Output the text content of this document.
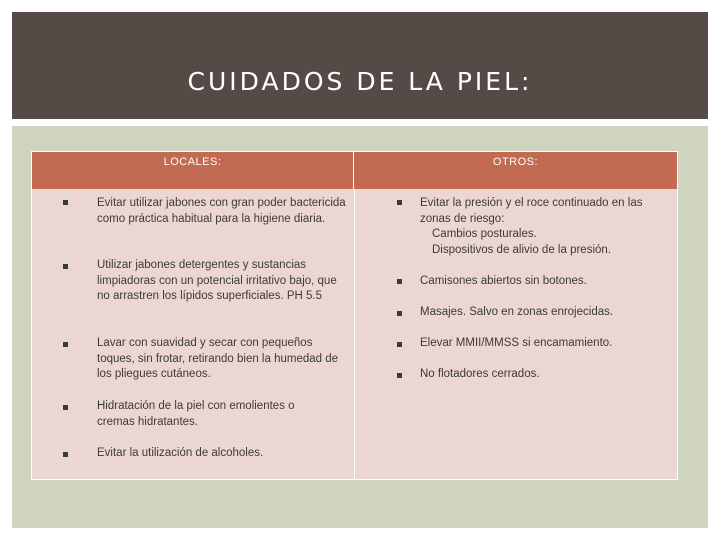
CUIDADOS DE LA PIEL:
LOCALES:	OTROS:
Evitar utilizar jabones con gran poder bactericida como práctica habitual para la higiene diaria.
Utilizar jabones detergentes y sustancias limpiadoras con un potencial irritativo bajo, que no arrastren los lípidos superficiales. PH 5.5
Lavar con suavidad y secar con pequeños toques, sin frotar, retirando bien la humedad de los pliegues cutáneos.
Hidratación de la piel con emolientes o cremas hidratantes.
Evitar la utilización de alcoholes.
Evitar la presión y el roce continuado en las zonas de riesgo:
Cambios posturales.
Dispositivos de alivio de la presión.
Camisones abiertos sin botones.
Masajes. Salvo en zonas enrojecidas.
Elevar MMII/MMSS si encamamiento.
No flotadores cerrados.
